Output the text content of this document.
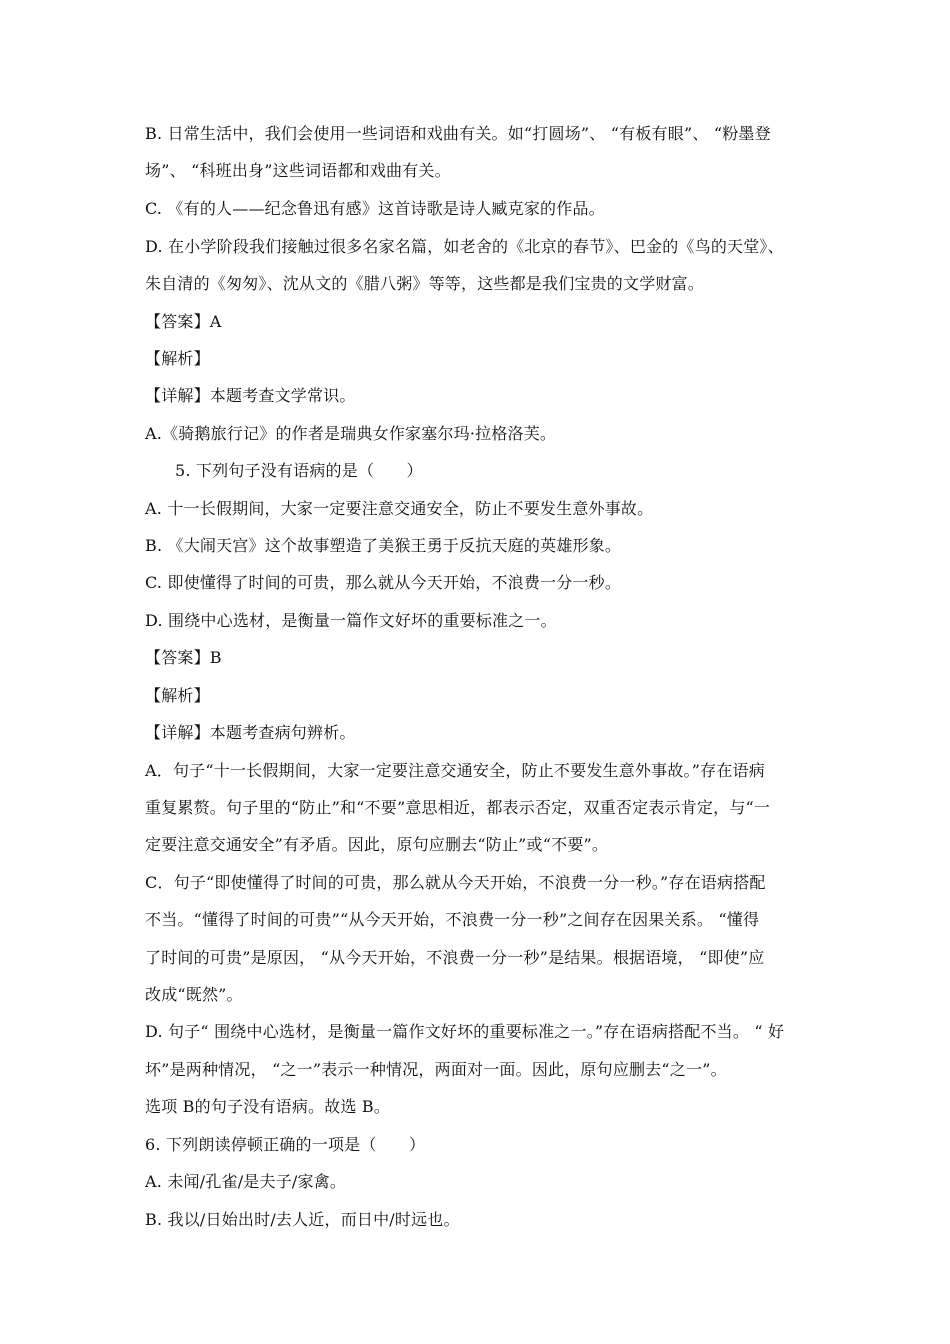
B. 日常生活中，我们会使用一些词语和戏曲有关。如“打圆场”、 “有板有眼”、 “粉墨登
场”、 “科班出身”这些词语都和戏曲有关。
C. 《有的人——纪念鲁迅有感》这首诗歌是诗人臧克家的作品。
D. 在小学阶段我们接触过很多名家名篇，如老舍的《北京的春节》、巴金的《鸟的天堂》、
朱自清的《匆匆》、沈从文的《腊八粥》等等，这些都是我们宝贵的文学财富。
【答案】A
【解析】
【详解】本题考查文学常识。
A.《骑鹅旅行记》的作者是瑞典女作家塞尔玛·拉格洛芙。
5. 下列句子没有语病的是（　　）
A. 十一长假期间，大家一定要注意交通安全，防止不要发生意外事故。
B. 《大闹天宫》这个故事塑造了美猴王勇于反抗天庭的英雄形象。
C. 即使懂得了时间的可贵，那么就从今天开始，不浪费一分一秒。
D. 围绕中心选材，是衡量一篇作文好坏的重要标准之一。
【答案】B
【解析】
【详解】本题考查病句辨析。
A．句子“十一长假期间，大家一定要注意交通安全，防止不要发生意外事故。”存在语病
重复累赘。句子里的“防止”和“不要”意思相近，都表示否定，双重否定表示肯定，与“一
定要注意交通安全”有矛盾。因此，原句应删去“防止”或“不要”。
C．句子“即使懂得了时间的可贵，那么就从今天开始，不浪费一分一秒。”存在语病搭配
不当。“懂得了时间的可贵”“从今天开始，不浪费一分一秒”之间存在因果关系。 “懂得
了时间的可贵”是原因， “从今天开始，不浪费一分一秒”是结果。根据语境， “即使”应
改成“既然”。
D. 句子“ 围绕中心选材，是衡量一篇作文好坏的重要标准之一。”存在语病搭配不当。 “ 好
坏”是两种情况， “之一”表示一种情况，两面对一面。因此，原句应删去“之一”。
选项 B的句子没有语病。故选 B。
6. 下列朗读停顿正确的一项是（　　）
A. 未闻/孔雀/是夫子/家禽。
B. 我以/日始出时/去人近，而日中/时远也。
